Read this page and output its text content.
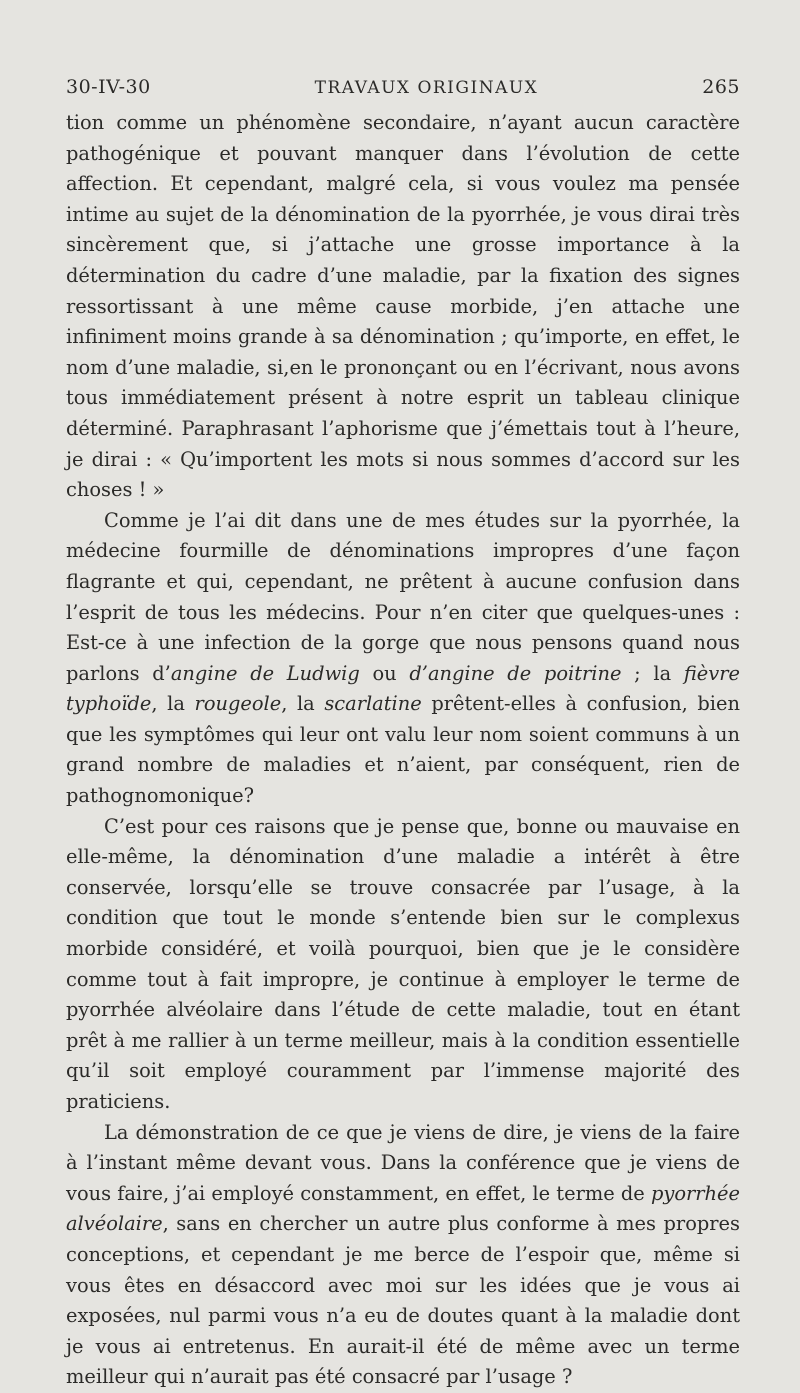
30-IV-30	TRAVAUX ORIGINAUX	265

tion comme un phénomène secondaire, n’ayant aucun caractère pathogénique et pouvant manquer dans l’évolution de cette affection. Et cependant, malgré cela, si vous voulez ma pensée intime au sujet de la dénomination de la pyorrhée, je vous dirai très sincèrement que, si j’attache une grosse importance à la détermination du cadre d’une maladie, par la fixation des signes ressortissant à une même cause morbide, j’en attache une infiniment moins grande à sa dénomination ; qu’importe, en effet, le nom d’une maladie, si,en le prononçant ou en l’écrivant, nous avons tous immédiatement présent à notre esprit un tableau clinique déterminé. Paraphrasant l’aphorisme que j’émettais tout à l’heure, je dirai : « Qu’importent les mots si nous sommes d’accord sur les choses ! »

Comme je l’ai dit dans une de mes études sur la pyorrhée, la médecine fourmille de dénominations impropres d’une façon flagrante et qui, cependant, ne prêtent à aucune confusion dans l’esprit de tous les médecins. Pour n’en citer que quelques-unes : Est-ce à une infection de la gorge que nous pensons quand nous parlons d’angine de Ludwig ou d’angine de poitrine ; la fièvre typhoïde, la rougeole, la scarlatine prêtent-elles à confusion, bien que les symptômes qui leur ont valu leur nom soient communs à un grand nombre de maladies et n’aient, par conséquent, rien de pathognomonique?

C’est pour ces raisons que je pense que, bonne ou mauvaise en elle-même, la dénomination d’une maladie a intérêt à être conservée, lorsqu’elle se trouve consacrée par l’usage, à la condition que tout le monde s’entende bien sur le complexus morbide considéré, et voilà pourquoi, bien que je le considère comme tout à fait impropre, je continue à employer le terme de pyorrhée alvéolaire dans l’étude de cette maladie, tout en étant prêt à me rallier à un terme meilleur, mais à la condition essentielle qu’il soit employé couramment par l’immense majorité des praticiens.

La démonstration de ce que je viens de dire, je viens de la faire à l’instant même devant vous. Dans la conférence que je viens de vous faire, j’ai employé constamment, en effet, le terme de pyorrhée alvéolaire, sans en chercher un autre plus conforme à mes propres conceptions, et cependant je me berce de l’espoir que, même si vous êtes en désaccord avec moi sur les idées que je vous ai exposées, nul parmi vous n’a eu de doutes quant à la maladie dont je vous ai entretenus. En aurait-il été de même avec un terme meilleur qui n’aurait pas été consacré par l’usage ?
